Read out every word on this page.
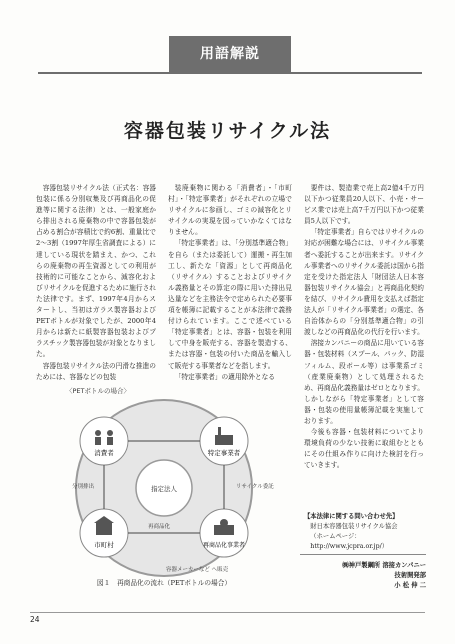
用語解説
容器包装リサイクル法

容器包装リサイクル法（正式名：容器包装に係る分別収集及び再商品化の促進等に関する法律）とは、一般家庭から排出される廃棄物の中で容器包装が占める割合が容積比で約6割、重量比で2～3割（1997年厚生省調査による）に達している現状を踏まえ、かつ、これらの廃棄物の再生資源としての利用が技術的に可能なことから、減容化およびリサイクルを促進するために施行された法律です。まず、1997年4月からスタートし、当初はガラス製容器およびPETボトルが対象でしたが、2000年4月からは新たに紙製容器包装およびプラスチック製容器包装が対象となりました。

容器包装リサイクル法の円滑な推進のためには、容器などの包装

装廃棄物に関わる「消費者」・「市町村」・「特定事業者」がそれぞれの立場でリサイクルに参画し、ゴミの減容化とリサイクルの実現を図っていかなくてはなりません。

「特定事業者」は、「分別基準適合物」を自ら（または委託して）運搬・再生加工し、新たな「資源」として再商品化（リサイクル）することおよびリサイクル義務量とその算定の際に用いた排出見込量などを主務法令で定められた必要事項を帳簿に記載することが本法律で義務付けられています。ここで述べている「特定事業者」とは、容器・包装を利用して中身を販売する、容器を製造する、または容器・包装の付いた商品を輸入して販売する事業者などを指します。

「特定事業者」の適用除外となる

要件は、製造業で売上高2億4千万円以下かつ従業員20人以下、小売・サービス業では売上高7千万円以下かつ従業員5人以下です。

「特定事業者」自らではリサイクルの対応が困難な場合には、リサイクル事業者へ委託することが出来ます。リサイクル事業者へのリサイクル委託は国から指定を受けた指定法人「財団法人日本容器包装リサイクル協会」と再商品化契約を結び、リサイクル費用を支払えば指定法人が「リサイクル事業者」の選定、各自治体からの「分別基準適合物」の引渡しなどの再商品化の代行を行います。

溶接カンパニーの商品に用いている容器・包装材料（スプール、パック、防湿フィルム、段ボール等）は事業系ゴミ（産業廃棄物）として処理されるため、再商品化義務量はゼロとなります。しかしながら「特定事業者」として容器・包装の使用量帳簿記載を実施しております。

今後も容器・包装材料についてより環境負荷の少ない技術に取組むとともにその仕組み作りに向けた検討を行っていきます。

〈PETボトルの場合〉
指定法人
消費者
市町村
特定事業者
再商品化事業者
分別排出	リサイクル委託
再商品化
容器メーカーなど へ販売
図１　再商品化の流れ（PETボトルの場合）
【本法律に関する問い合わせ先】
財日本容器包装リサイクル協会
（ホームページ：http://www.jcpra.or.jp/）
㈱神戸製鋼所 溶接カンパニー
技術開発部
小 松 伸 二
24
